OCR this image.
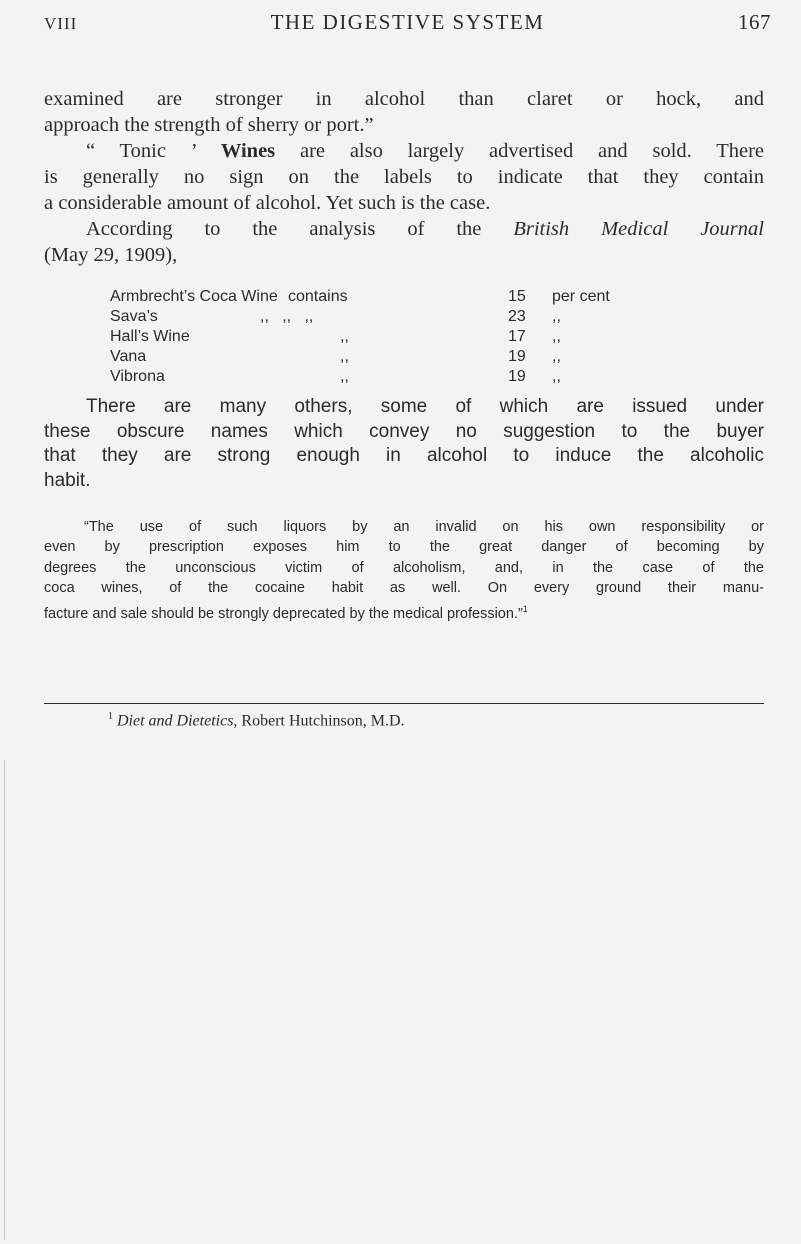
VIII	THE DIGESTIVE SYSTEM	167
examined are stronger in alcohol than claret or hock, and
approach the strength of sherry or port.”
“ Tonic ’ Wines are also largely advertised and sold. There
is generally no sign on the labels to indicate that they contain
a considerable amount of alcohol. Yet such is the case.
According to the analysis of the British Medical Journal
(May 29, 1909),
Armbrecht’s Coca Wine contains	15	per cent
Sava’s	,,   ,,   ,,	23	,,
Hall’s Wine	,,	17	,,
Vana	,,	19	,,
Vibrona	,,	19	,,
There are many others, some of which are issued under
these obscure names which convey no suggestion to the buyer
that they are strong enough in alcohol to induce the alcoholic
habit.
“The use of such liquors by an invalid on his own responsibility or
even by prescription exposes him to the great danger of becoming by
degrees the unconscious victim of alcoholism, and, in the case of the
coca wines, of the cocaine habit as well. On every ground their manu-
facture and sale should be strongly deprecated by the medical profession.”$^1$
$^1$ Diet and Dietetics, Robert Hutchinson, M.D.
